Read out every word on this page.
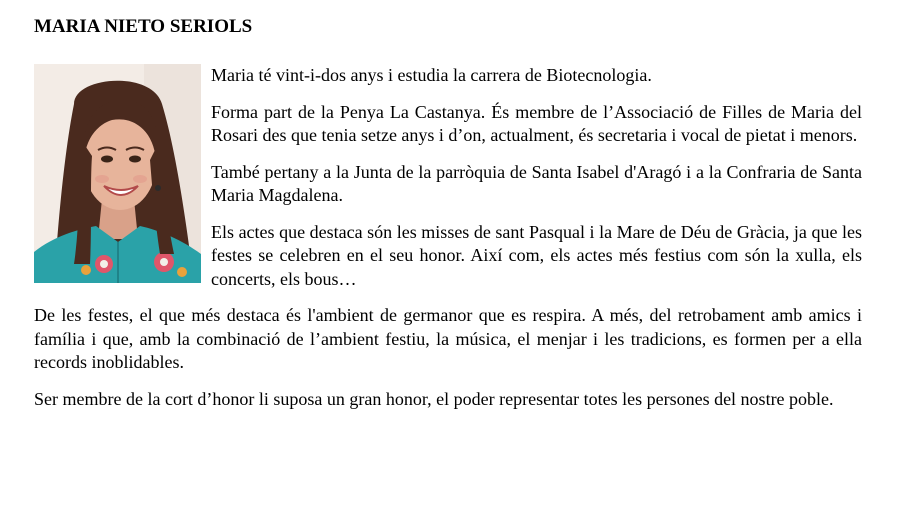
MARIA NIETO SERIOLS

Maria té vint-i-dos anys i estudia la carrera de Biotecnologia.

Forma part de la Penya La Castanya. És membre de l’Associació de Filles de Maria del Rosari des que tenia setze anys i d’on, actualment, és secretaria i vocal de pietat i menors.

També pertany a la Junta de la parròquia de Santa Isabel d'Aragó i a la Confraria de Santa Maria Magdalena.

Els actes que destaca són les misses de sant Pasqual i la Mare de Déu de Gràcia, ja que les festes se celebren en el seu honor. Així com, els actes més festius com són la xulla, els concerts, els bous…

De les festes, el que més destaca és l'ambient de germanor que es respira. A més, del retrobament amb amics i família i que, amb la combinació de l’ambient festiu, la música, el menjar i les tradicions, es formen per a ella records inoblidables.

Ser membre de la cort d’honor li suposa un gran honor, el poder representar totes les persones del nostre poble.
